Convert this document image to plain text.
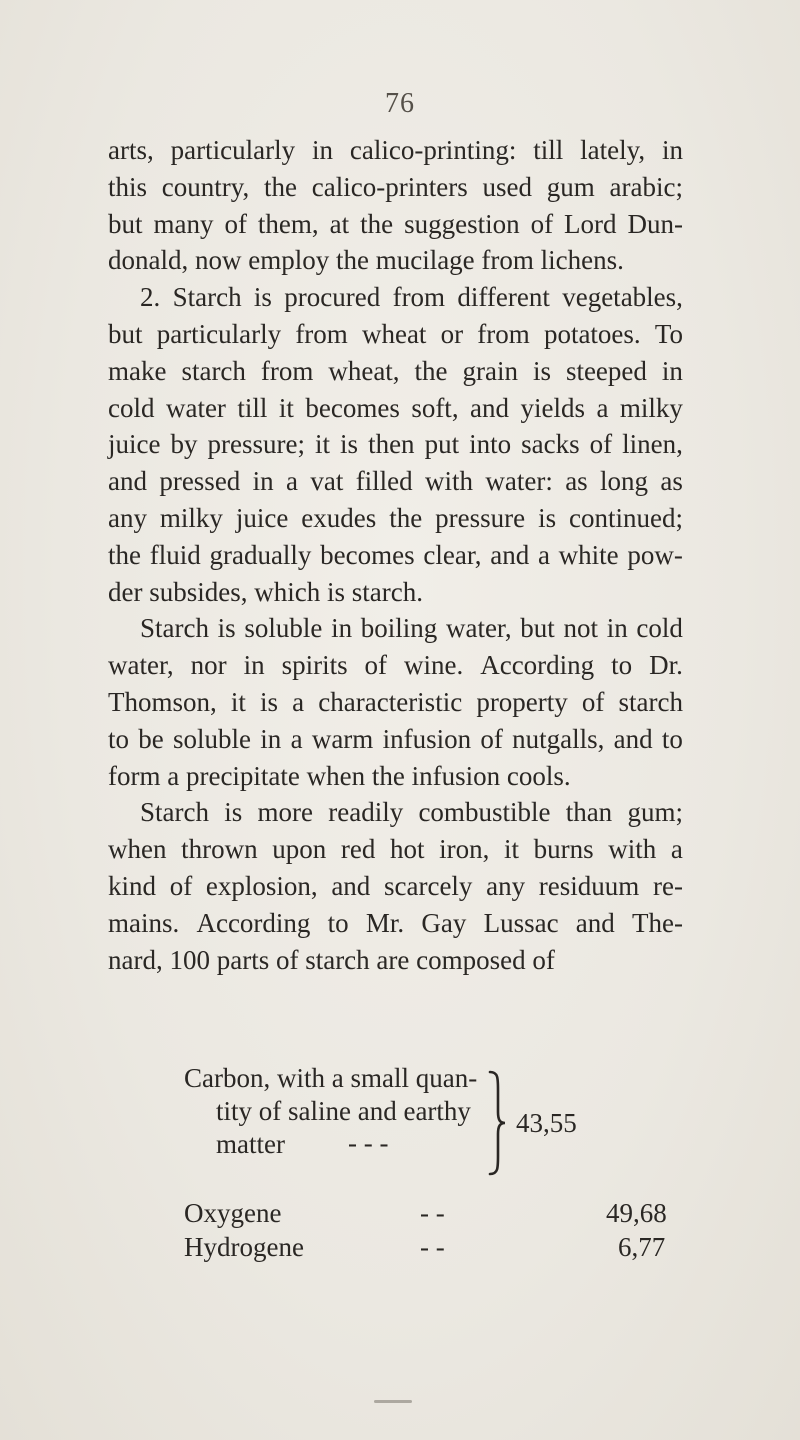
76
arts, particularly in calico-printing: till lately, in
this country, the calico-printers used gum arabic;
but many of them, at the suggestion of Lord Dun-
donald, now employ the mucilage from lichens.
2. Starch is procured from different vegetables,
but particularly from wheat or from potatoes. To
make starch from wheat, the grain is steeped in
cold water till it becomes soft, and yields a milky
juice by pressure; it is then put into sacks of linen,
and pressed in a vat filled with water: as long as
any milky juice exudes the pressure is continued;
the fluid gradually becomes clear, and a white pow-
der subsides, which is starch.
Starch is soluble in boiling water, but not in cold
water, nor in spirits of wine. According to Dr.
Thomson, it is a characteristic property of starch
to be soluble in a warm infusion of nutgalls, and to
form a precipitate when the infusion cools.
Starch is more readily combustible than gum;
when thrown upon red hot iron, it burns with a
kind of explosion, and scarcely any residuum re-
mains. According to Mr. Gay Lussac and The-
nard, 100 parts of starch are composed of
Carbon, with a small quan-
tity of saline and earthy
matter	- - -
43,55
Oxygene	- -	49,68
Hydrogene	- -	6,77
